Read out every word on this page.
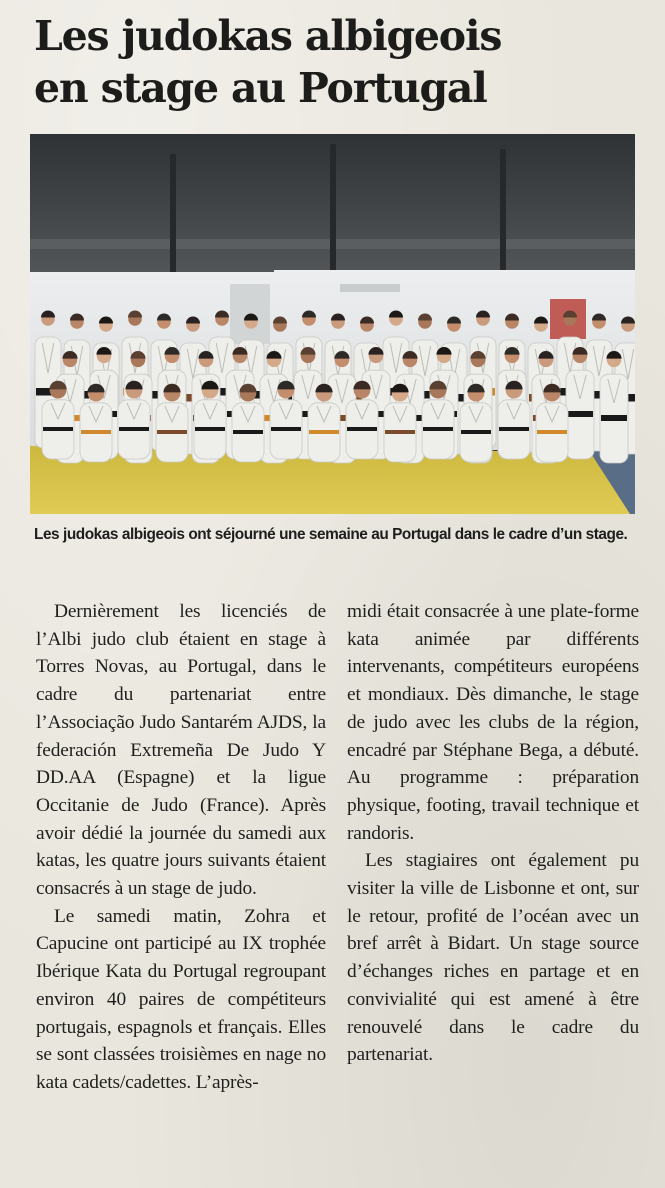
Les judokas albigeois
en stage au Portugal
Les judokas albigeois ont séjourné une semaine au Portugal dans le cadre d’un stage.

Dernièrement les licenciés de l’Albi judo club étaient en stage à Torres Novas, au Portugal, dans le cadre du partenariat entre l’Associação Judo Santarém AJDS, la federación Extremeña De Judo Y DD.AA (Espagne) et la ligue Occitanie de Judo (France). Après avoir dédié la journée du samedi aux katas, les quatre jours suivants étaient consacrés à un stage de judo.

Le samedi matin, Zohra et Capucine ont participé au IX trophée Ibérique Kata du Portugal regroupant environ 40 paires de compétiteurs portugais, espagnols et français. Elles se sont classées troisièmes en nage no kata cadets/cadettes. L’après-

midi était consacrée à une plate-forme kata animée par différents intervenants, compétiteurs européens et mondiaux. Dès dimanche, le stage de judo avec les clubs de la région, encadré par Stéphane Bega, a débuté. Au programme : préparation physique, footing, travail technique et randoris.

Les stagiaires ont également pu visiter la ville de Lisbonne et ont, sur le retour, profité de l’océan avec un bref arrêt à Bidart. Un stage source d’échanges riches en partage et en convivialité qui est amené à être renouvelé dans le cadre du partenariat.
